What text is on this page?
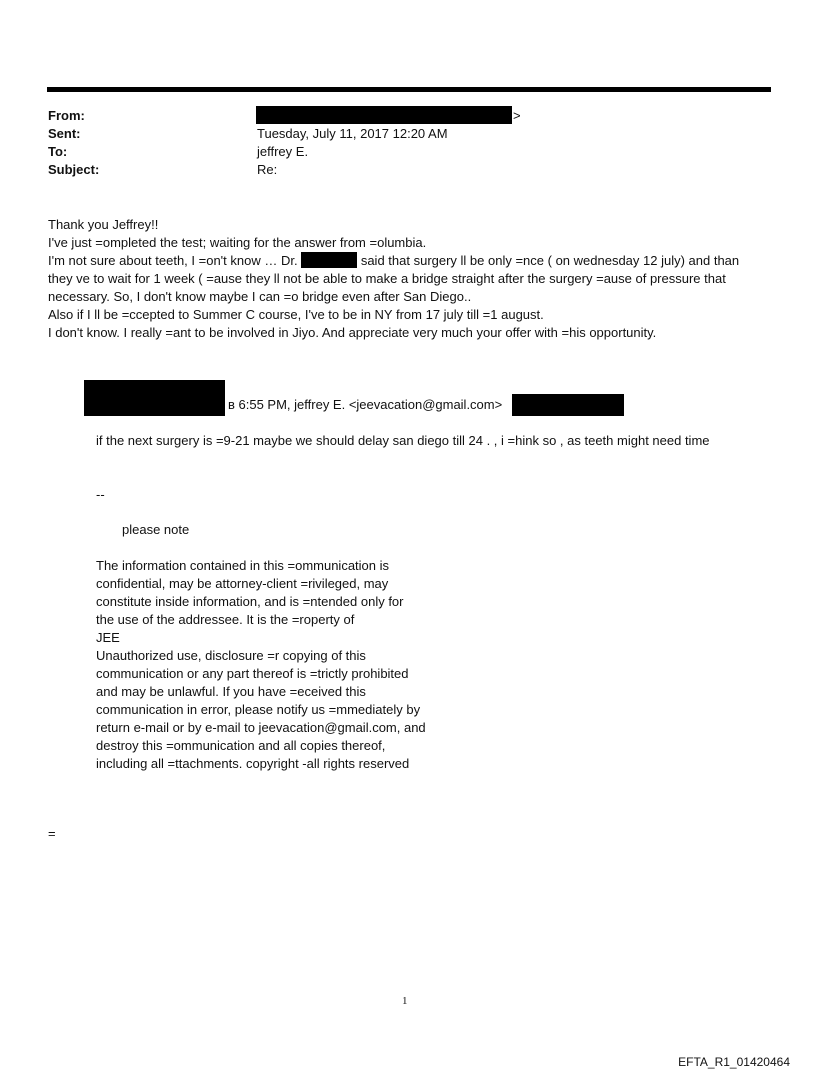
From:	>
Sent:	Tuesday, July 11, 2017 12:20 AM
To:	jeffrey E.
Subject:	Re:
Thank you Jeffrey!!
I've just =ompleted the test; waiting for the answer from =olumbia.
I'm not sure about teeth, I =on't know … Dr.	said that surgery ll be only =nce ( on wednesday 12 july) and than
they ve to wait for 1 week ( =ause they ll not be able to make a bridge straight after the surgery =ause of pressure that
necessary. So, I don't know maybe I can =o bridge even after San Diego..
Also if I ll be =ccepted to Summer C course, I've to be in NY from 17 july till =1 august.
I don't know. I really =ant to be involved in Jiyo. And appreciate very much your offer with =his opportunity.
в 6:55 PM, jeffrey E. <jeevacation@gmail.com>
if the next surgery is =9-21 maybe we should delay san diego till 24 . , i =hink so , as teeth might need time
--
please note
The information contained in this =ommunication is
confidential, may be attorney-client =rivileged, may
constitute inside information, and is =ntended only for
the use of the addressee. It is the =roperty of
JEE
Unauthorized use, disclosure =r copying of this
communication or any part thereof is =trictly prohibited
and may be unlawful. If you have =eceived this
communication in error, please notify us =mmediately by
return e-mail or by e-mail to jeevacation@gmail.com, and
destroy this =ommunication and all copies thereof,
including all =ttachments. copyright -all rights reserved
=
1
EFTA_R1_01420464
